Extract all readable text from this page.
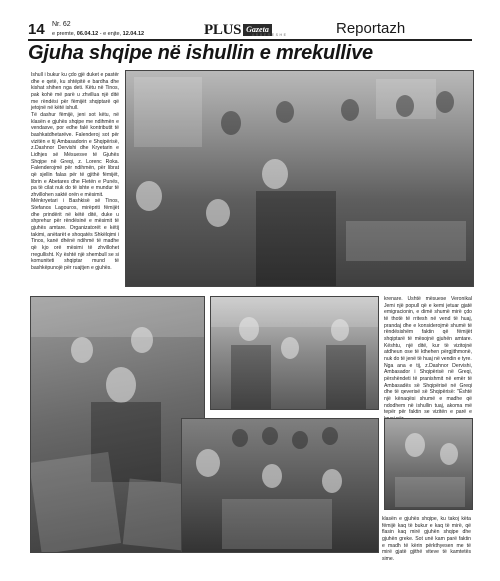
14 Nr. 62
e premte, 06.04.12 - e enjte, 12.04.12	PLUS Gazeta
A R B Ë R E S H E	Reportazh
Gjuha shqipe në ishullin e mrekullive

Ishull i bukur ku çdo gjë duket e pastër dhe e qetë, ku shtëpitë e bardha dhe kishat shihen nga deti. Këtu në Tinos, pak kohë më parë u zhvillua një ditë me rëndësi për fëmijët shqiptarë që jetojnë në këtë ishull.
Të dashur fëmijë, jeni sot këtu, në klasën e gjuhës shqipe me ndihmën e vendasve, por edhe falë kontributit të bashkatdhetarëve. Falenderoj sot për vizitën e tij Ambasadorin e Shqipërisë, z.Dashnor Dervishi dhe Kryetarin e Lidhjes së Mësuesve të Gjuhës Shqipe në Greqi, z. Lorenc Roka. Falenderojmë për ndihmën, për librat që sjellin falas për të gjithë fëmijët, librin e Abetares dhe Fletën e Punës, pa të cilat nuk do të ishte e mundur të zhvillohen saktë orën e mësimit.
Mënkryetari i Bashkisë së Tinos, Stefanos Lagouros, mirëpriti fëmijët dhe prindërit në këtë ditë, duke u shprehur për rëndësinë e mësimit të gjuhës amtare. Organizatorët e këtij takimi, anëtarët e shoqatës Shkëlqimi i Tinos, kanë dhënë ndihmë të madhe që kjo orë mësimi të zhvillohet rregullisht. Ky është një shembull se si komuniteti shqiptar mund të bashkëpunojë për ruajtjen e gjuhës.

krenare. Ushtë mësuese Veronikal Jemi një popull që e kemi jetuar gjatë emigracionin, e dimë shumë mirë çdo të thotë të rritesh në vend të huaj, prandaj dhe e konsiderojmë shumë të rëndësishëm faktin që fëmijët shqiptarë të mësojnë gjuhën amtare. Kështu, një ditë, kur të vizitojnë atdheun ose të kthehen përgjithmonë, nuk do të jenë të huaj në vendin e tyre.
Nga ana e tij, z.Dashnor Dervishi, Ambasador i Shqipërisë në Greqi, përshëndeti të pranishmit në emër të Ambasadës së Shqipërisë në Greqi dhe të qeverisë së Shqipërisë: "Është një kënaqësi shumë e madhe që ndodhem në ishullin tuaj, akoma më tepër për faktin se vizitën e parë e

klasën e gjuhës shqipe, ku takoj këta fëmijë kaq të bukur e kaq të mirë, që flasin kaq mirë gjuhën shqipe dhe gjuhën greke. Sot unë kam parë faktin e madh të kërin përkthyesen me të mirë gjatë gjithë vitеve të kamtеtës sime.
